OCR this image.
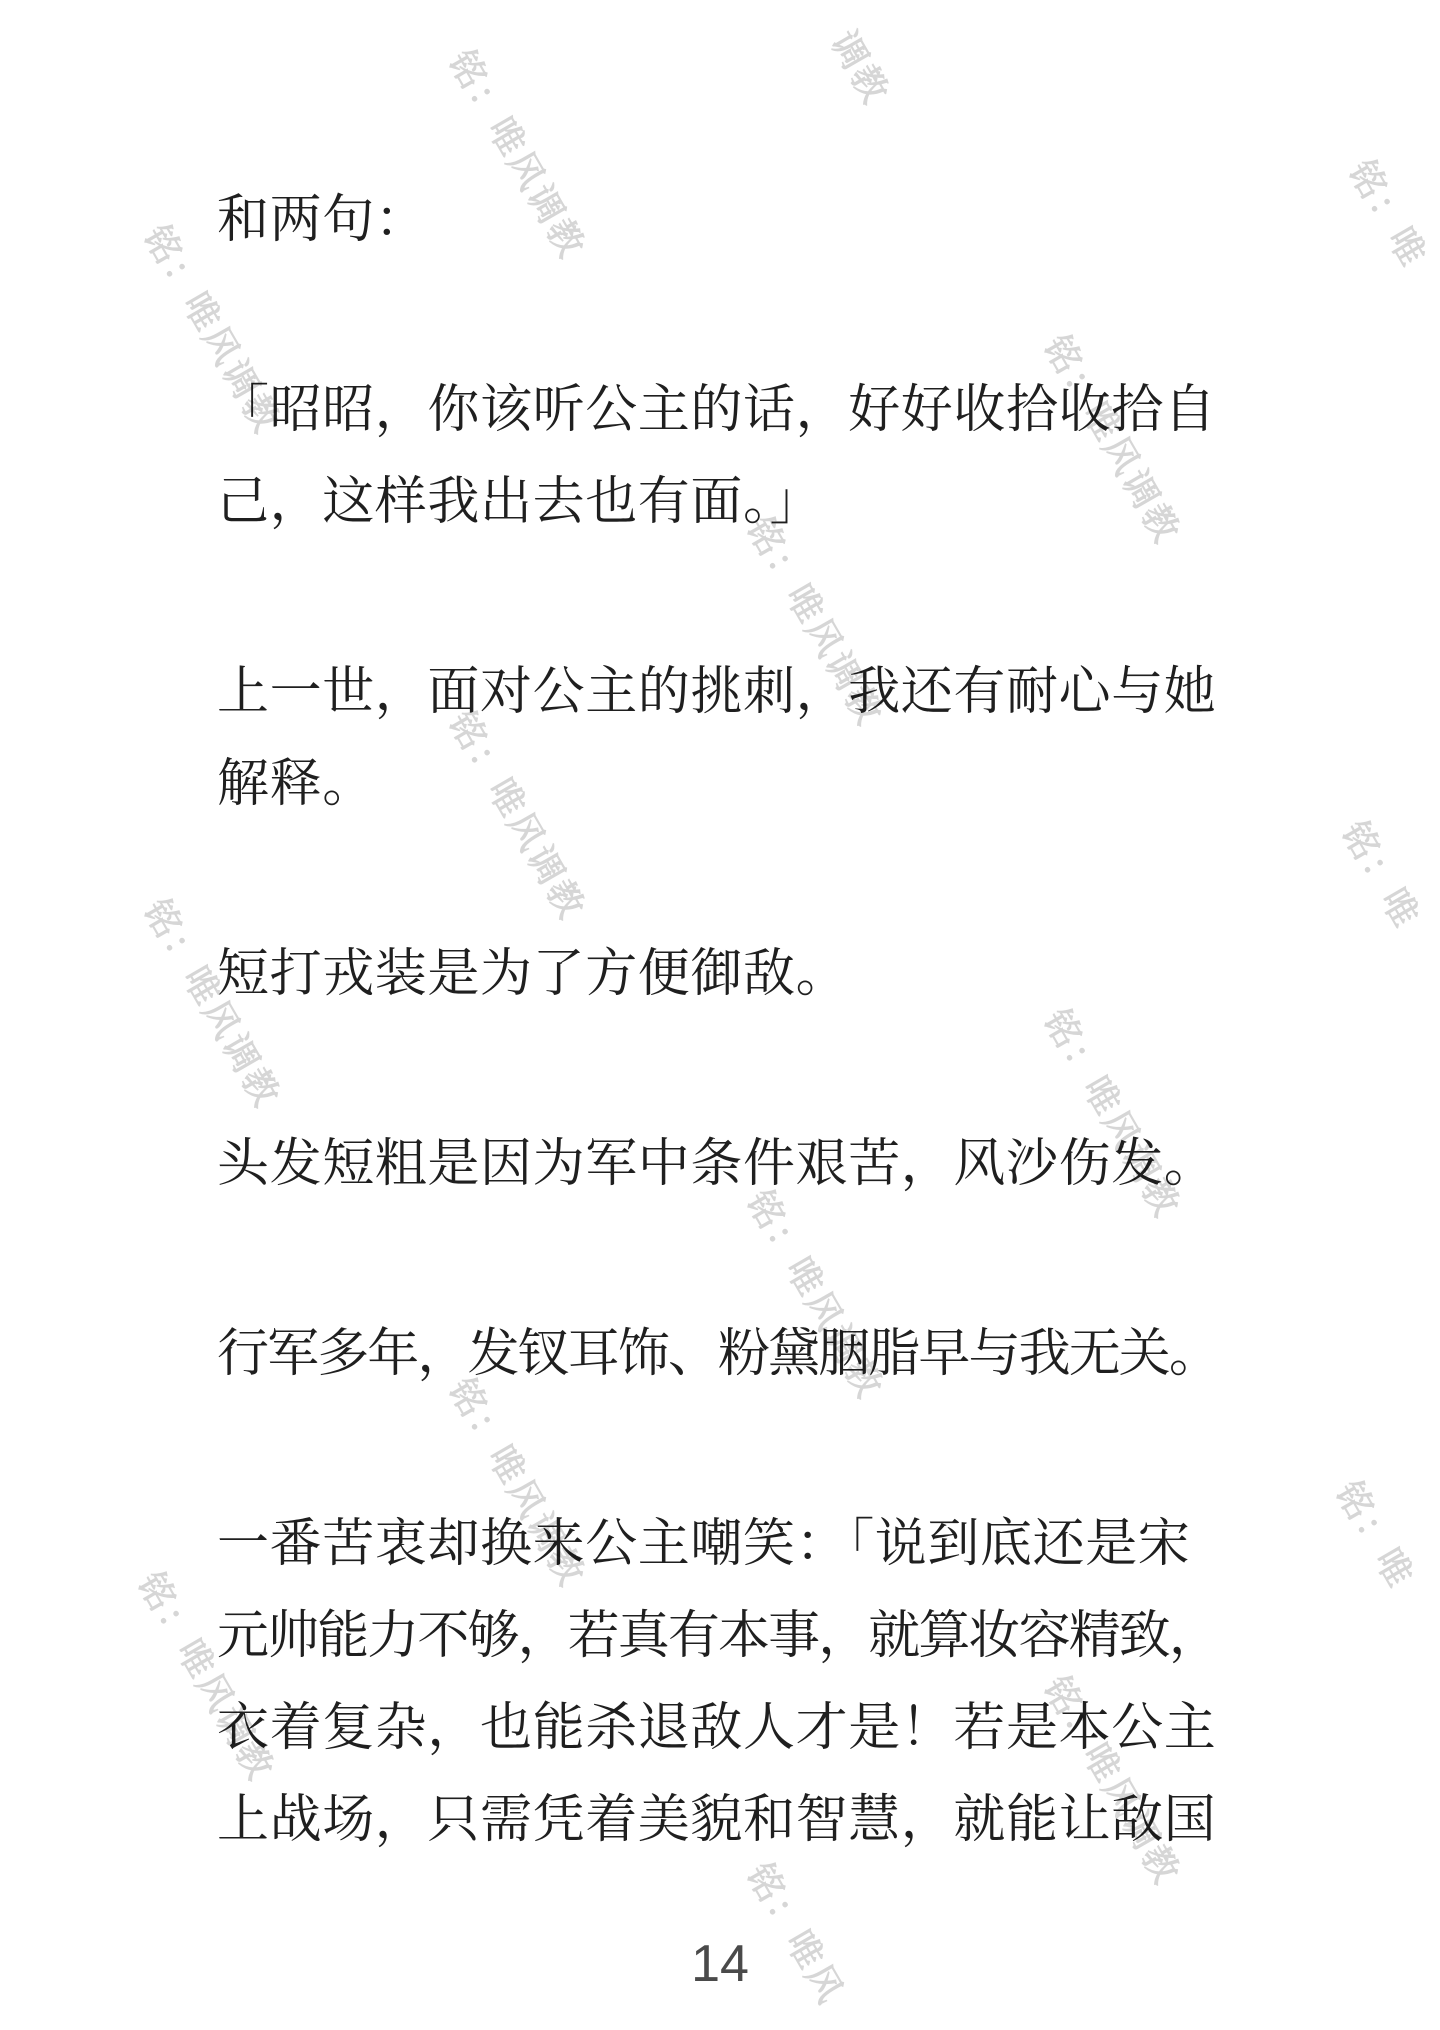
和两句：

「昭昭，你该听公主的话，好好收拾收拾自
己，这样我出去也有面。」

上一世，面对公主的挑刺，我还有耐心与她
解释。

短打戎装是为了方便御敌。

头发短粗是因为军中条件艰苦，风沙伤发。

行军多年，发钗耳饰、粉黛胭脂早与我无关。

一番苦衷却换来公主嘲笑：「说到底还是宋
元帅能力不够，若真有本事，就算妆容精致，
衣着复杂，也能杀退敌人才是！若是本公主
上战场，只需凭着美貌和智慧，就能让敌国

14
铭：唯风调教	调教
铭：唯
铭：唯风调教	铭：唯风调教
铭：唯风调教
铭：唯风调教	铭：唯
铭：唯风调教	铭：唯风调教
铭：唯风调教
铭：唯风调教	铭：唯
铭：唯风调教	铭：唯风调教
铭：唯风
